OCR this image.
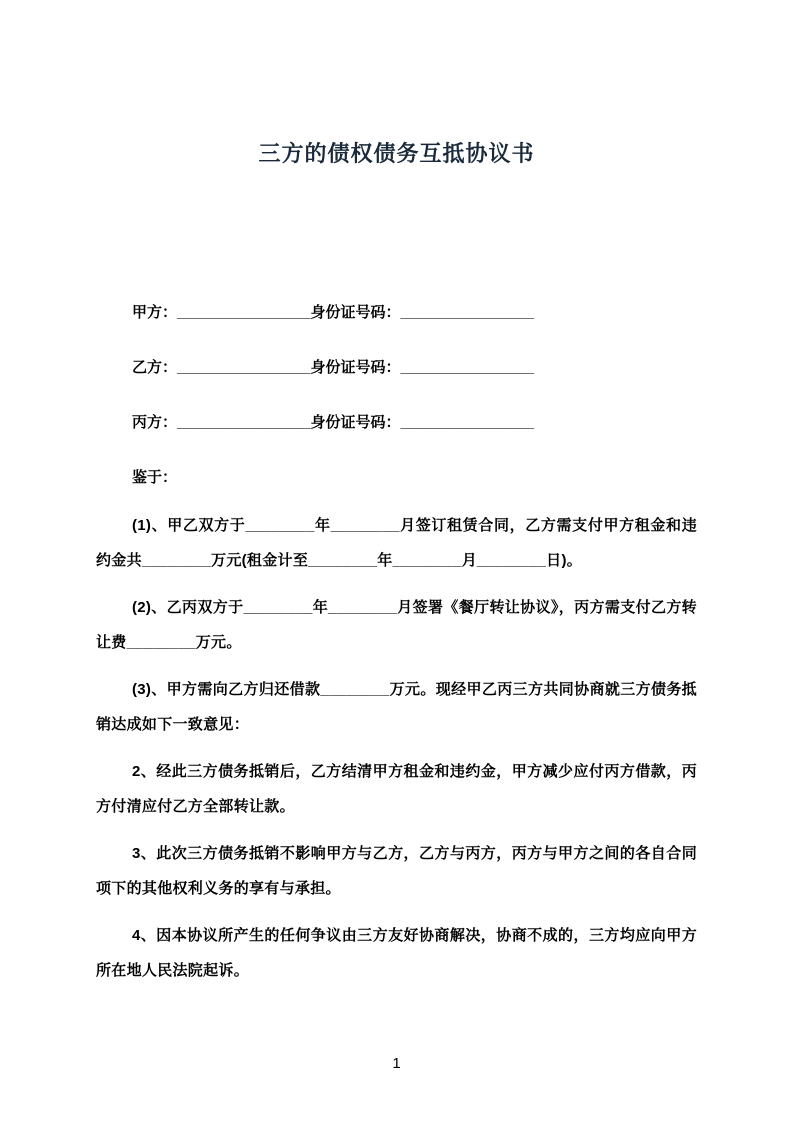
三方的债权债务互抵协议书

甲方：________________身份证号码：________________

乙方：________________身份证号码：________________

丙方：________________身份证号码：________________

鉴于：

(1)、甲乙双方于________年________月签订租赁合同，乙方需支付甲方租金和违约金共________万元(租金计至________年________月________日)。

(2)、乙丙双方于________年________月签署《餐厅转让协议》，丙方需支付乙方转让费________万元。

(3)、甲方需向乙方归还借款________万元。现经甲乙丙三方共同协商就三方债务抵销达成如下一致意见：

2、经此三方债务抵销后，乙方结清甲方租金和违约金，甲方减少应付丙方借款，丙方付清应付乙方全部转让款。

3、此次三方债务抵销不影响甲方与乙方，乙方与丙方，丙方与甲方之间的各自合同项下的其他权利义务的享有与承担。

4、因本协议所产生的任何争议由三方友好协商解决，协商不成的，三方均应向甲方所在地人民法院起诉。

1
